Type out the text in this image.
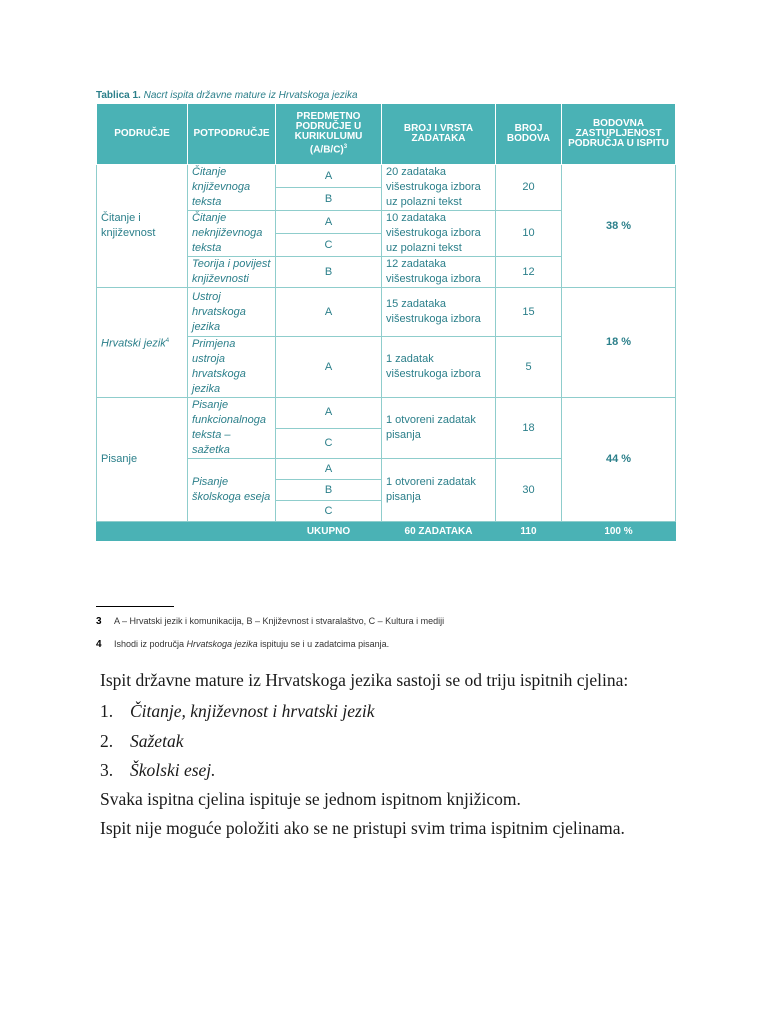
Tablica 1. Nacrt ispita državne mature iz Hrvatskoga jezika
PODRUČJE	POTPODRUČJE	PREDMETNO PODRUČJE U KURIKULUMU $(A/B/C)^3$	BROJ I VRSTA ZADATAKA	BROJ BODOVA	BODOVNA ZASTUPLJENOST PODRUČJA U ISPITU
Čitanje i književnost	Čitanje književnoga teksta	A	20 zadataka višestrukoga izbora uz polazni tekst	20	38 %
		B			
	Čitanje neknjiževnoga teksta	A	10 zadataka višestrukoga izbora uz polazni tekst	10	
		C			
	Teorija i povijest književnosti	B	12 zadataka višestrukoga izbora	12	
Hrvatski jezik$^4$	Ustroj hrvatskoga jezika	A	15 zadataka višestrukoga izbora	15	18 %
	Primjena ustroja hrvatskoga jezika	A	1 zadatak višestrukoga izbora	5	
Pisanje	Pisanje funkcionalnoga teksta – sažetka	A	1 otvoreni zadatak pisanja	18	44 %
		C			
	Pisanje školskoga eseja	A	1 otvoreni zadatak pisanja	30	
		B			
		C			
		UKUPNO	60 ZADATAKA	110	100 %
3 A – Hrvatski jezik i komunikacija, B – Književnost i stvaralaštvo, C – Kultura i mediji
4 Ishodi iz područja Hrvatskoga jezika ispituju se i u zadatcima pisanja.
Ispit državne mature iz Hrvatskoga jezika sastoji se od triju ispitnih cjelina:
1. Čitanje, književnost i hrvatski jezik
2. Sažetak
3. Školski esej.
Svaka ispitna cjelina ispituje se jednom ispitnom knjižicom.
Ispit nije moguće položiti ako se ne pristupi svim trima ispitnim cjelinama.
